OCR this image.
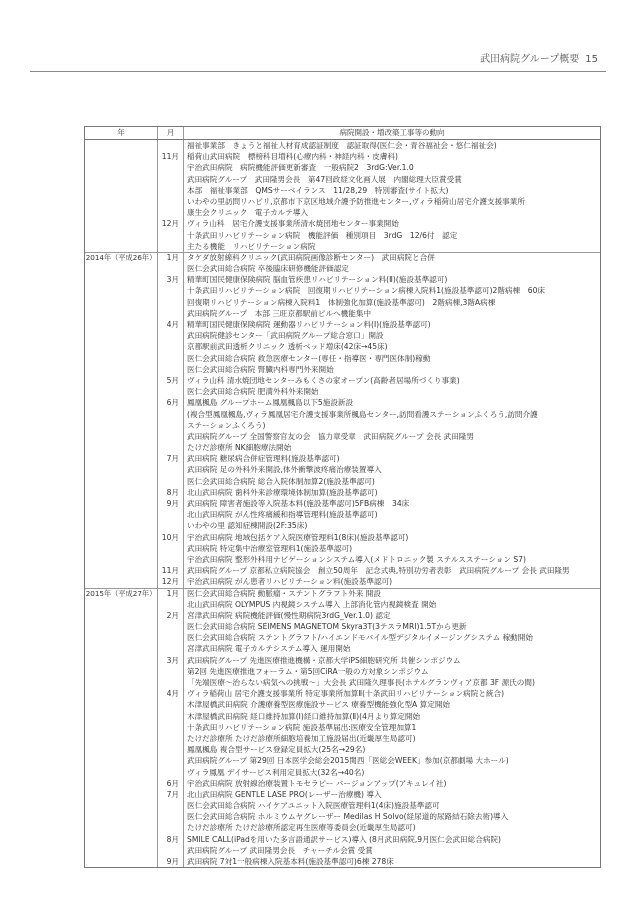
武田病院グループ概要 15
年	月	病院開設・増改築工事等の動向
福祉事業部　きょうと福祉人材育成認証制度　認証取得(医仁会・青谷福祉会・悠仁福祉会)
11月	稲荷山武田病院　標榜科目増科(心療内科・神経内科・皮膚科)
宇治武田病院　病院機能評価更新審査　一般病院2　3rdG:Ver.1.0
武田病院グループ　武田隆男会長　第47回政経文化画人展　内閣総理大臣賞受賞
本部　福祉事業部　QMSサーベイランス　11/28,29　特別審査(サイト拡大)
いわやの里訪問リハビリ,京都市下京区地域介護予防推進センター,ヴィラ稲荷山居宅介護支援事業所
康生会クリニック　電子カルテ導入
12月	ヴィラ山科　居宅介護支援事業所清水焼団地センター事業開始
十条武田リハビリテーション病院　機能評価　種別項目　3rdG　12/6付　認定
主たる機能　リハビリテーション病院
2014年（平成26年）	1月	タケダ放射線科クリニック(武田病院画像診断センター)　武田病院と合併
医仁会武田総合病院 卒後臨床研修機能評価認定
3月	精華町国民健康保険病院 脳血管疾患リハビリテーション料(Ⅱ)(施設基準認可)
十条武田リハビリテーション病院　回復期リハビリテーション病棟入院料1(施設基準認可)2階病棟　60床
回復期リハビリテーション病棟入院料1　体制強化加算(施設基準認可)　2階病棟,3階A病棟
武田病院グループ　本部 三旺京都駅前ビルへ機能集中
4月	精華町国民健康保険病院 運動器リハビリテーション料(Ⅰ)(施設基準認可)
武田病院健診センター「武田病院グループ総合窓口」開設
京都駅前武田透析クリニック 透析ベッド増床(42床→45床)
医仁会武田総合病院 救急医療センター(専任・指導医・専門医体制)稼動
医仁会武田総合病院 腎臓内科専門外来開始
5月	ヴィラ山科 清水焼団地センターみもくさの家オープン(高齢者居場所づくり事業)
医仁会武田総合病院 肥満外科外来開始
6月	鳳凰楓島 グループホーム鳳凰楓島以下5施設新設
(複合型鳳凰楓島,ヴィラ鳳凰居宅介護支援事業所楓島センター,訪問看護ステーションふくろう,訪問介護
ステーションふくろう)
武田病院グループ 全国警察官友の会　協力章受章　武田病院グループ 会長 武田隆男
たけだ診療所 NK細胞療法開始
7月	武田病院 糖尿病合併症管理料(施設基準認可)
武田病院 足の外科外来開設,体外衝撃波疼痛治療装置導入
医仁会武田総合病院 総合入院体制加算2(施設基準認可)
8月	北山武田病院 歯科外来診療環境体制加算(施設基準認可)
9月	武田病院 障害者施設等入院基本料(施設基準認可)5FB病棟　34床
北山武田病院 がん性疼痛緩和指導管理料(施設基準認可)
いわやの里 認知症棟開設(2F:35床)
10月	宇治武田病院 地域包括ケア入院医療管理料1(8床)(施設基準認可)
武田病院 特定集中治療室管理料1(施設基準認可)
宇治武田病院 整形外科用ナビゲーションシステム導入(メドトロニック製 ステルスステーション S7)
11月	武田病院グループ 京都私立病院協会　創立50周年　記念式典,特別功労者表彰　武田病院グループ 会長 武田隆男
12月	宇治武田病院 がん患者リハビリテーション料(施設基準認可)
2015年（平成27年）	1月	医仁会武田総合病院 動脈瘤・ステントグラフト外来 開設
北山武田病院 OLYMPUS 内視鏡システム導入 上部消化管内視鏡検査 開始
2月	宮津武田病院 病院機能評価(慢性期病院3rdG_Ver.1.0) 認定
医仁会武田総合病院 SEIMENS MAGNETOM Skyra3T(3テスラMRI)1.5Tから更新
医仁会武田総合病院 ステントグラフト/ハイエンドモバイル型デジタルイメージングシステム 稼動開始
宮津武田病院 電子カルテシステム導入 運用開始
3月	武田病院グループ 先進医療推進機構・京都大学iPS細胞研究所 共催シンポジウム
第2回 先進医療推進フォーラム・第5回CiRA一般の方対象シンポジウム
「先端医療〜治らない病気への挑戦〜」大会長 武田隆久理事長(ホテルグランヴィア京都 3F 源氏の間)
4月	ヴィラ稲荷山 居宅介護支援事業所 特定事業所加算Ⅱ(十条武田リハビリテーション病院と統合)
木津屋橋武田病院 介護療養型医療施設サービス 療養型機能強化型A 算定開始
木津屋橋武田病院 経口維持加算(Ⅰ)経口維持加算(Ⅱ)(4月より算定開始
十条武田リハビリテーション病院 施設基準届出:医療安全管理加算1
たけだ診療所 たけだ診療所細胞培養加工施設届出(近畿厚生局認可)
鳳凰楓島 複合型サービス登録定員拡大(25名→29名)
武田病院グループ 第29回 日本医学会総会2015関西「医総会WEEK」参加(京都劇場 大ホール)
ヴィラ鳳凰 デイサービス利用定員拡大(32名→40名)
6月	宇治武田病院 放射線治療装置トモセラピー バージョンアップ(アキュレイ社)
7月	北山武田病院 GENTLE LASE PRO(レーザー治療機) 導入
医仁会武田総合病院 ハイケアユニット入院医療管理料1(4床)施設基準認可
医仁会武田総合病院 ホルミウムヤグレーザー Medilas H Solvo(経尿道的尿路結石除去術)導入
たけだ診療所 たけだ診療所認定再生医療等委員会(近畿厚生局認可)
8月	SMILE CALL(iPadを用いた多言語通訳サービス)導入 (8月武田病院,9月医仁会武田総合病院)
武田病院グループ 武田隆男会長　チャーチル会賞 受賞
9月	武田病院 7対1一般病棟入院基本料(施設基準認可)6棟 278床
